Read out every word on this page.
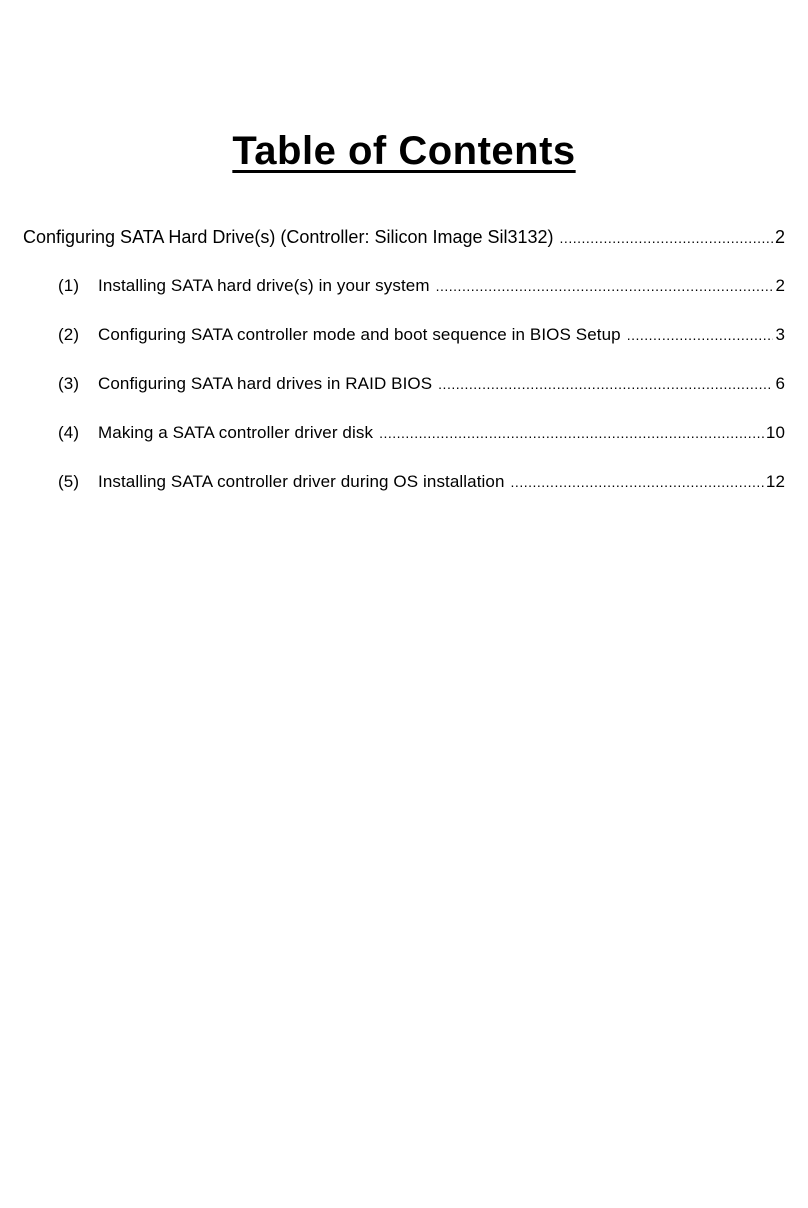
Table of Contents
Configuring SATA Hard Drive(s) (Controller: Silicon Image Sil3132) .....	2
(1)	Installing SATA hard drive(s) in your system .....	2
(2)	Configuring SATA controller mode and boot sequence in BIOS Setup .....	3
(3)	Configuring SATA hard drives in RAID BIOS .....	6
(4)	Making a SATA controller driver disk .....	10
(5)	Installing SATA controller driver during OS installation .....	12
